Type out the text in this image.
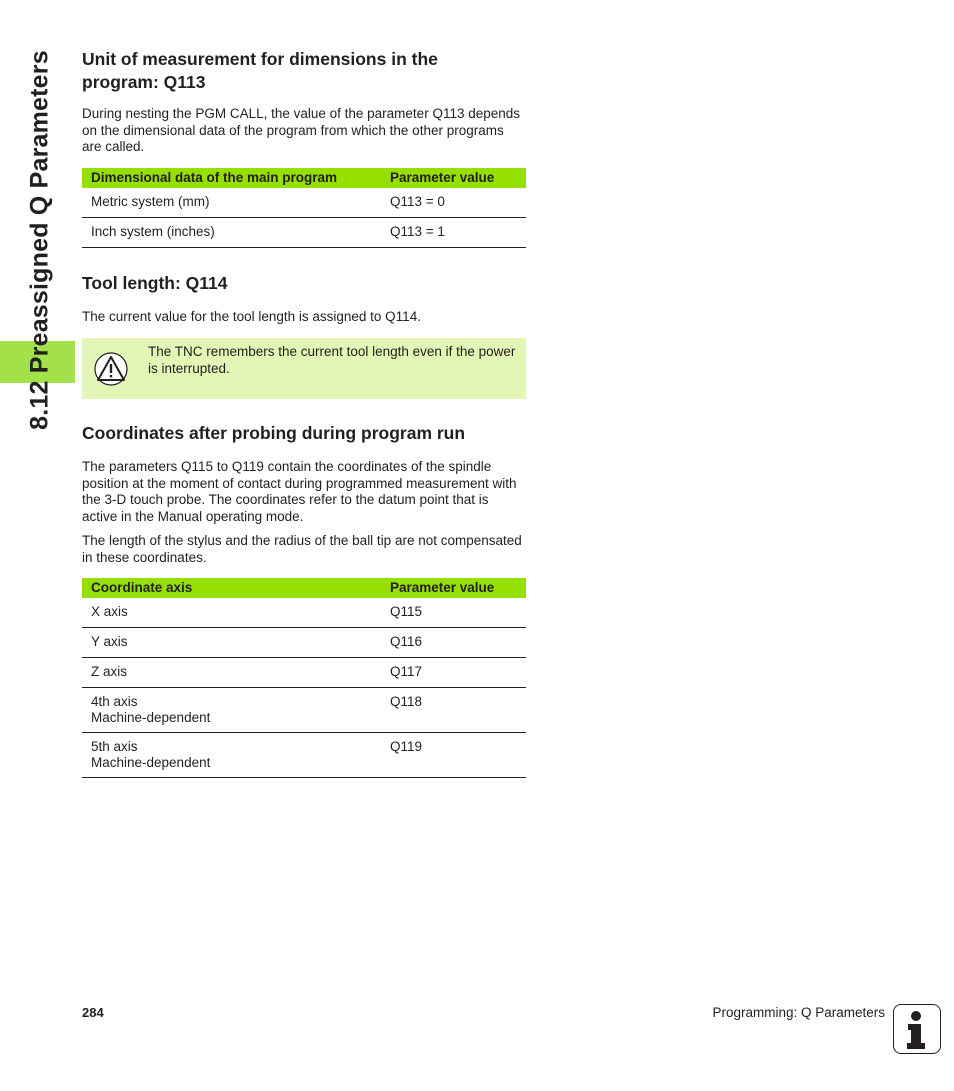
8.12 Preassigned Q Parameters Unit of measurement for dimensions in the program: Q113

During nesting the PGM CALL, the value of the parameter Q113 depends on the dimensional data of the program from which the other programs are called.

Dimensional data of the main program	Parameter value
Metric system (mm)	Q113 = 0
Inch system (inches)	Q113 = 1
Tool length: Q114

The current value for the tool length is assigned to Q114.

The TNC remembers the current tool length even if the power is interrupted.
Coordinates after probing during program run

The parameters Q115 to Q119 contain the coordinates of the spindle position at the moment of contact during programmed measurement with the 3-D touch probe. The coordinates refer to the datum point that is active in the Manual operating mode.

The length of the stylus and the radius of the ball tip are not compensated in these coordinates.

Coordinate axis	Parameter value
X axis	Q115
Y axis	Q116
Z axis	Q117

4th axis
Machine-dependent	Q118

5th axis
Machine-dependent	Q119
284	Programming: Q Parameters
